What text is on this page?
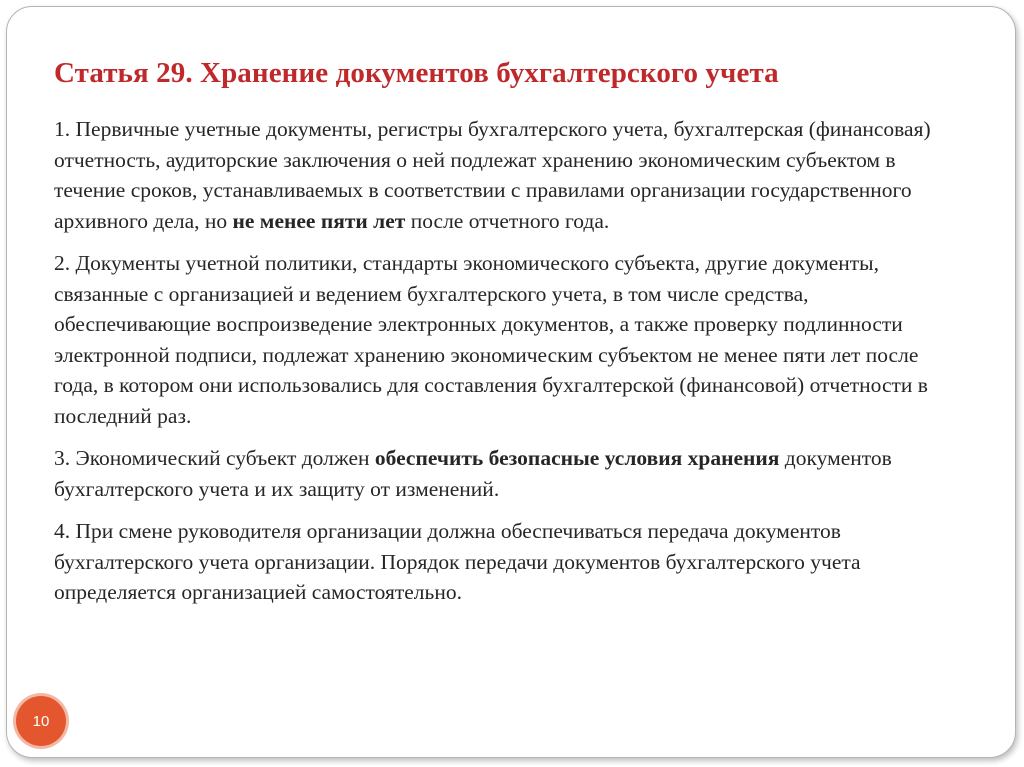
Статья 29. Хранение документов бухгалтерского учета

1. Первичные учетные документы, регистры бухгалтерского учета, бухгалтерская (финансовая) отчетность, аудиторские заключения о ней подлежат хранению экономическим субъектом в течение сроков, устанавливаемых в соответствии с правилами организации государственного архивного дела, но не менее пяти лет после отчетного года.

2. Документы учетной политики, стандарты экономического субъекта, другие документы, связанные с организацией и ведением бухгалтерского учета, в том числе средства, обеспечивающие воспроизведение электронных документов, а также проверку подлинности электронной подписи, подлежат хранению экономическим субъектом не менее пяти лет после года, в котором они использовались для составления бухгалтерской (финансовой) отчетности в последний раз.

3. Экономический субъект должен обеспечить безопасные условия хранения документов бухгалтерского учета и их защиту от изменений.

4. При смене руководителя организации должна обеспечиваться передача документов бухгалтерского учета организации. Порядок передачи документов бухгалтерского учета определяется организацией самостоятельно.

10
